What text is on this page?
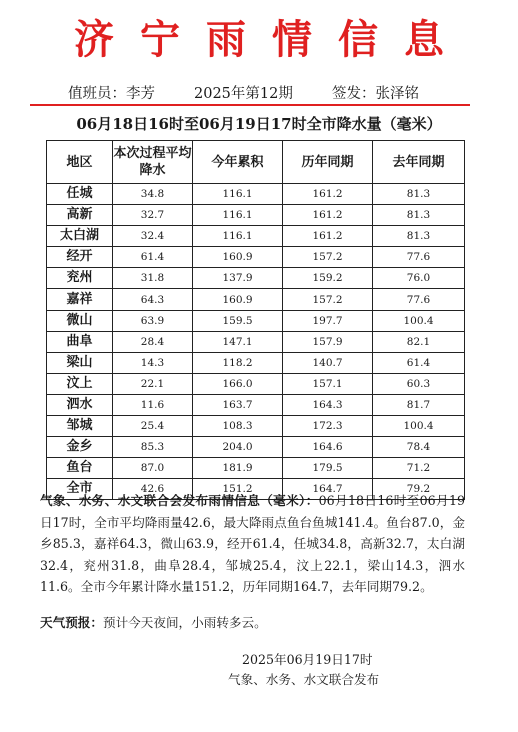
济宁雨情信息
值班员：李芳	2025年第12期	签发：张泽铭
06月18日16时至06月19日17时全市降水量（毫米）
地区	本次过程平均降水	今年累积	历年同期	去年同期
任城	34.8	116.1	161.2	81.3
高新	32.7	116.1	161.2	81.3
太白湖	32.4	116.1	161.2	81.3
经开	61.4	160.9	157.2	77.6
兖州	31.8	137.9	159.2	76.0
嘉祥	64.3	160.9	157.2	77.6
微山	63.9	159.5	197.7	100.4
曲阜	28.4	147.1	157.9	82.1
梁山	14.3	118.2	140.7	61.4
汶上	22.1	166.0	157.1	60.3
泗水	11.6	163.7	164.3	81.7
邹城	25.4	108.3	172.3	100.4
金乡	85.3	204.0	164.6	78.4
鱼台	87.0	181.9	179.5	71.2
全市	42.6	151.2	164.7	79.2
气象、水务、水文联合会发布雨情信息（毫米）：06月18日16时至06月19日17时，全市平均降雨量42.6，最大降雨点鱼台鱼城141.4。鱼台87.0，金乡85.3，嘉祥64.3，微山63.9，经开61.4，任城34.8，高新32.7，太白湖32.4，兖州31.8，曲阜28.4，邹城25.4，汶上22.1，梁山14.3，泗水11.6。全市今年累计降水量151.2，历年同期164.7，去年同期79.2。
天气预报：预计今天夜间，小雨转多云。
2025年06月19日17时
气象、水务、水文联合发布
